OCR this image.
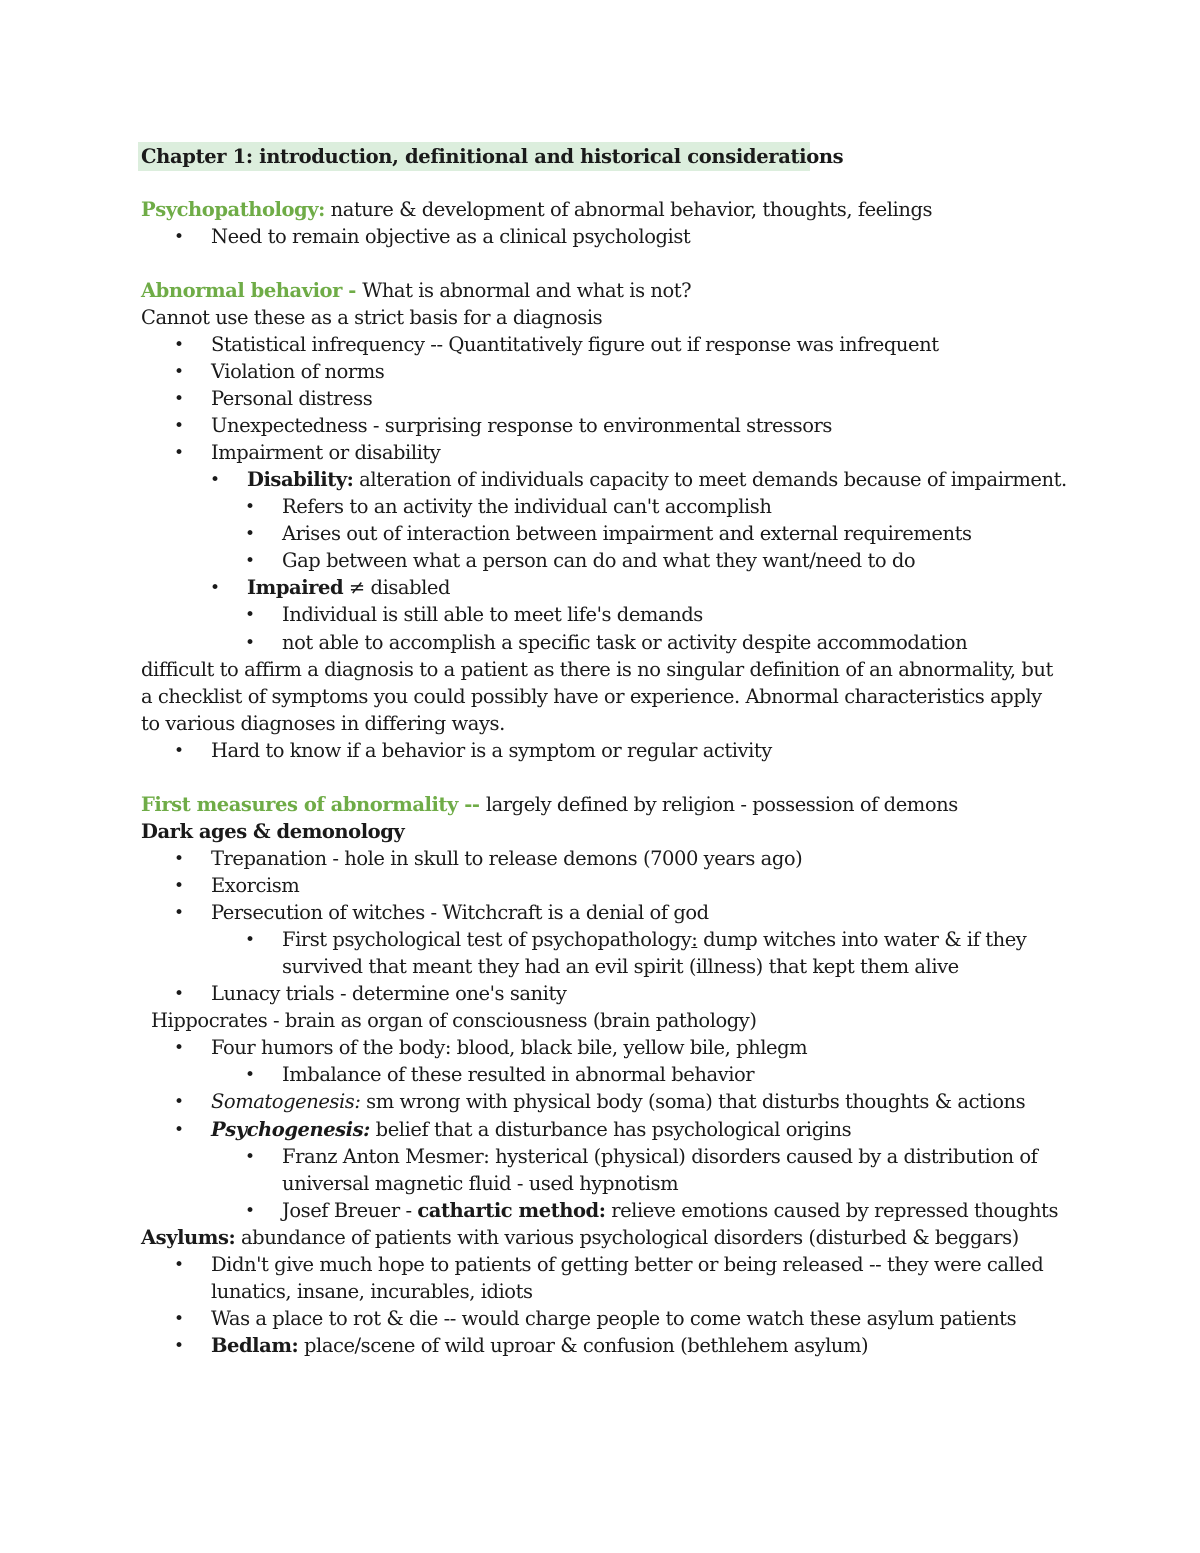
Chapter 1: introduction, definitional and historical considerations
Psychopathology: nature & development of abnormal behavior, thoughts, feelings
• Need to remain objective as a clinical psychologist
Abnormal behavior - What is abnormal and what is not?
Cannot use these as a strict basis for a diagnosis
• Statistical infrequency -- Quantitatively figure out if response was infrequent
• Violation of norms
• Personal distress
• Unexpectedness - surprising response to environmental stressors
• Impairment or disability
• Disability: alteration of individuals capacity to meet demands because of impairment.
• Refers to an activity the individual can't accomplish
• Arises out of interaction between impairment and external requirements
• Gap between what a person can do and what they want/need to do
• Impaired ≠ disabled
• Individual is still able to meet life's demands
• not able to accomplish a specific task or activity despite accommodation
difficult to affirm a diagnosis to a patient as there is no singular definition of an abnormality, but
a checklist of symptoms you could possibly have or experience. Abnormal characteristics apply
to various diagnoses in differing ways.
• Hard to know if a behavior is a symptom or regular activity
First measures of abnormality -- largely defined by religion - possession of demons
Dark ages & demonology
• Trepanation - hole in skull to release demons (7000 years ago)
• Exorcism
• Persecution of witches - Witchcraft is a denial of god
• First psychological test of psychopathology: dump witches into water & if they
survived that meant they had an evil spirit (illness) that kept them alive
• Lunacy trials - determine one's sanity
Hippocrates - brain as organ of consciousness (brain pathology)
• Four humors of the body: blood, black bile, yellow bile, phlegm
• Imbalance of these resulted in abnormal behavior
• Somatogenesis: sm wrong with physical body (soma) that disturbs thoughts & actions
• Psychogenesis: belief that a disturbance has psychological origins
• Franz Anton Mesmer: hysterical (physical) disorders caused by a distribution of
universal magnetic fluid - used hypnotism
• Josef Breuer - cathartic method: relieve emotions caused by repressed thoughts
Asylums: abundance of patients with various psychological disorders (disturbed & beggars)
• Didn't give much hope to patients of getting better or being released -- they were called
lunatics, insane, incurables, idiots
• Was a place to rot & die -- would charge people to come watch these asylum patients
• Bedlam: place/scene of wild uproar & confusion (bethlehem asylum)
